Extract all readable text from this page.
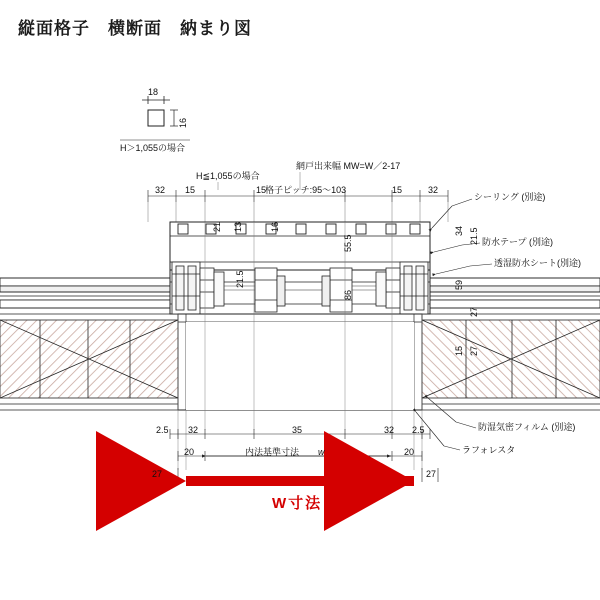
縦面格子　横断面　納まり図
18
16
H＞1,055の場合
H≦1,055の場合
網戸出来幅 MW=W／2-17
格子ピッチ:95〜103
32 15	15	15	32
21 13	16
55.5
86
21.5
34 21.5
59
27
15 27
2.5 32	35	32 2.5
20	20
内法基準寸法 w
27	27
W寸法
シーリング (別途)
防水テープ (別途)
透湿防水シート(別途)
防湿気密フィルム (別途)
ラフォレスタ
